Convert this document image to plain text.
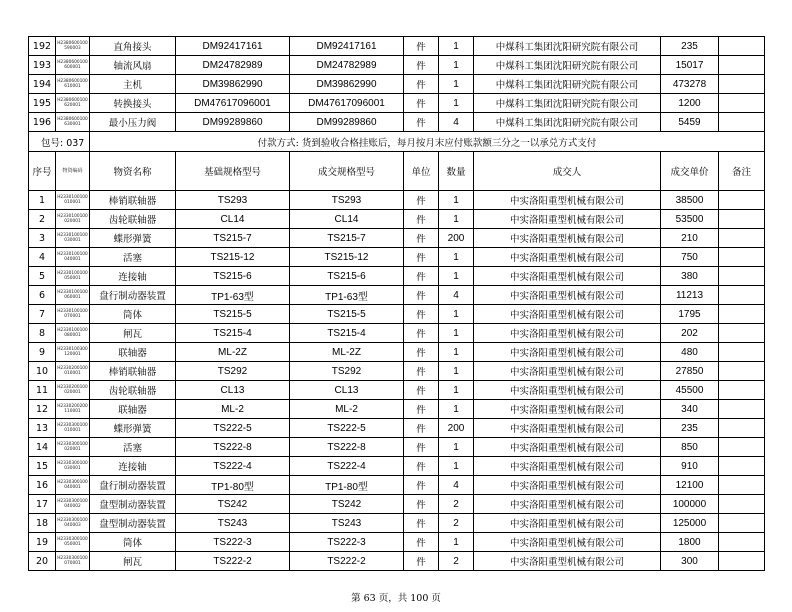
192	H2380600100590003	直角接头	DM92417161	DM92417161	件	1	中煤科工集团沈阳研究院有限公司	235	
193	H2380600100600001	轴流风扇	DM24782989	DM24782989	件	1	中煤科工集团沈阳研究院有限公司	15017	
194	H2380600100610001	主机	DM39862990	DM39862990	件	1	中煤科工集团沈阳研究院有限公司	473278	
195	H2380600100620001	转换接头	DM47617096001	DM47617096001	件	1	中煤科工集团沈阳研究院有限公司	1200	
196	H2380600100630001	最小压力阀	DM99289860	DM99289860	件	4	中煤科工集团沈阳研究院有限公司	5459	
包号: 037		付款方式: 货到验收合格挂账后，每月按月末应付账款额三分之一以承兑方式支付							
序号	物资编码	物资名称	基础规格型号	成交规格型号	单位	数量	成交人	成交单价	备注
1	H2330100100010001	棒销联轴器	TS293	TS293	件	1	中实洛阳重型机械有限公司	38500	
2	H2330100100020001	齿轮联轴器	CL14	CL14	件	1	中实洛阳重型机械有限公司	53500	
3	H2330100100030001	蝶形弹簧	TS215-7	TS215-7	件	200	中实洛阳重型机械有限公司	210	
4	H2330100100040001	活塞	TS215-12	TS215-12	件	1	中实洛阳重型机械有限公司	750	
5	H2330100100050001	连接轴	TS215-6	TS215-6	件	1	中实洛阳重型机械有限公司	380	
6	H2330100100060001	盘行制动器装置	TP1-63型	TP1-63型	件	4	中实洛阳重型机械有限公司	11213	
7	H2330100100070001	筒体	TS215-5	TS215-5	件	1	中实洛阳重型机械有限公司	1795	
8	H2330100100080001	闸瓦	TS215-4	TS215-4	件	1	中实洛阳重型机械有限公司	202	
9	H2330100300120001	联轴器	ML-2Z	ML-2Z	件	1	中实洛阳重型机械有限公司	480	
10	H2330200100010001	棒销联轴器	TS292	TS292	件	1	中实洛阳重型机械有限公司	27850	
11	H2330200100020001	齿轮联轴器	CL13	CL13	件	1	中实洛阳重型机械有限公司	45500	
12	H2330200200110001	联轴器	ML-2	ML-2	件	1	中实洛阳重型机械有限公司	340	
13	H2330300100010001	蝶形弹簧	TS222-5	TS222-5	件	200	中实洛阳重型机械有限公司	235	
14	H2330300100020001	活塞	TS222-8	TS222-8	件	1	中实洛阳重型机械有限公司	850	
15	H2330300100030001	连接轴	TS222-4	TS222-4	件	1	中实洛阳重型机械有限公司	910	
16	H2330300100040001	盘行制动器装置	TP1-80型	TP1-80型	件	4	中实洛阳重型机械有限公司	12100	
17	H2330300100040002	盘型制动器装置	TS242	TS242	件	2	中实洛阳重型机械有限公司	100000	
18	H2330300100040003	盘型制动器装置	TS243	TS243	件	2	中实洛阳重型机械有限公司	125000	
19	H2330300100050001	筒体	TS222-3	TS222-3	件	1	中实洛阳重型机械有限公司	1800	
20	H2330300100070001	闸瓦	TS222-2	TS222-2	件	2	中实洛阳重型机械有限公司	300	
第 63 页，共 100 页
